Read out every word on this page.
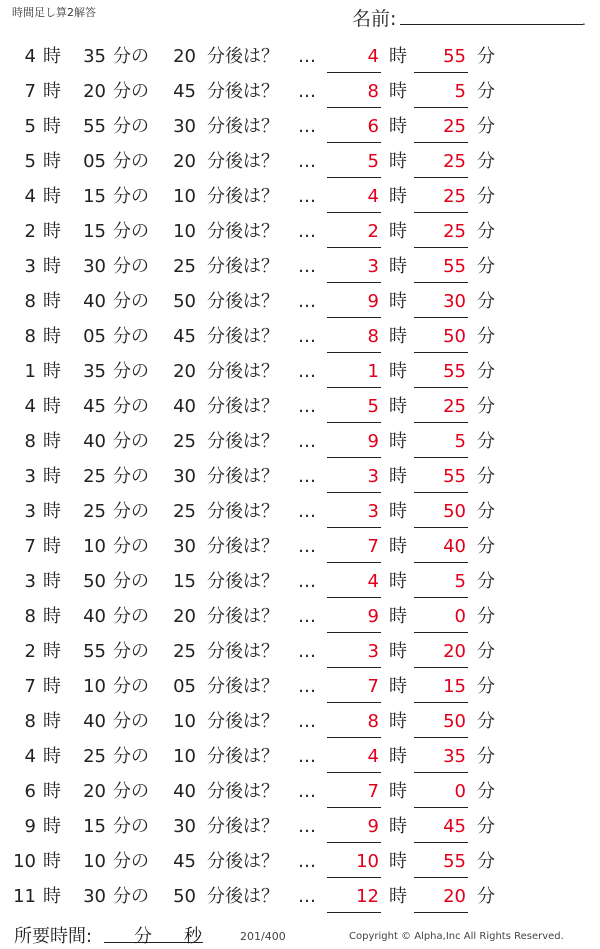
時間足し算2解答	名前:	.
4 時	35 分の	20 分後は？ …	4 時	55 分
7 時	20 分の	45 分後は？ …	8 時	5 分
5 時	55 分の	30 分後は？ …	6 時	25 分
5 時	05 分の	20 分後は？ …	5 時	25 分
4 時	15 分の	10 分後は？ …	4 時	25 分
2 時	15 分の	10 分後は？ …	2 時	25 分
3 時	30 分の	25 分後は？ …	3 時	55 分
8 時	40 分の	50 分後は？ …	9 時	30 分
8 時	05 分の	45 分後は？ …	8 時	50 分
1 時	35 分の	20 分後は？ …	1 時	55 分
4 時	45 分の	40 分後は？ …	5 時	25 分
8 時	40 分の	25 分後は？ …	9 時	5 分
3 時	25 分の	30 分後は？ …	3 時	55 分
3 時	25 分の	25 分後は？ …	3 時	50 分
7 時	10 分の	30 分後は？ …	7 時	40 分
3 時	50 分の	15 分後は？ …	4 時	5 分
8 時	40 分の	20 分後は？ …	9 時	0 分
2 時	55 分の	25 分後は？ …	3 時	20 分
7 時	10 分の	05 分後は？ …	7 時	15 分
8 時	40 分の	10 分後は？ …	8 時	50 分
4 時	25 分の	10 分後は？ …	4 時	35 分
6 時	20 分の	40 分後は？ …	7 時	0 分
9 時	15 分の	30 分後は？ …	9 時	45 分
10 時	10 分の	45 分後は？ …	10 時	55 分
11 時	30 分の	50 分後は？ …	12 時	20 分
所要時間: 分 秒	201/400	Copyright © Alpha,Inc All Rights Reserved.
